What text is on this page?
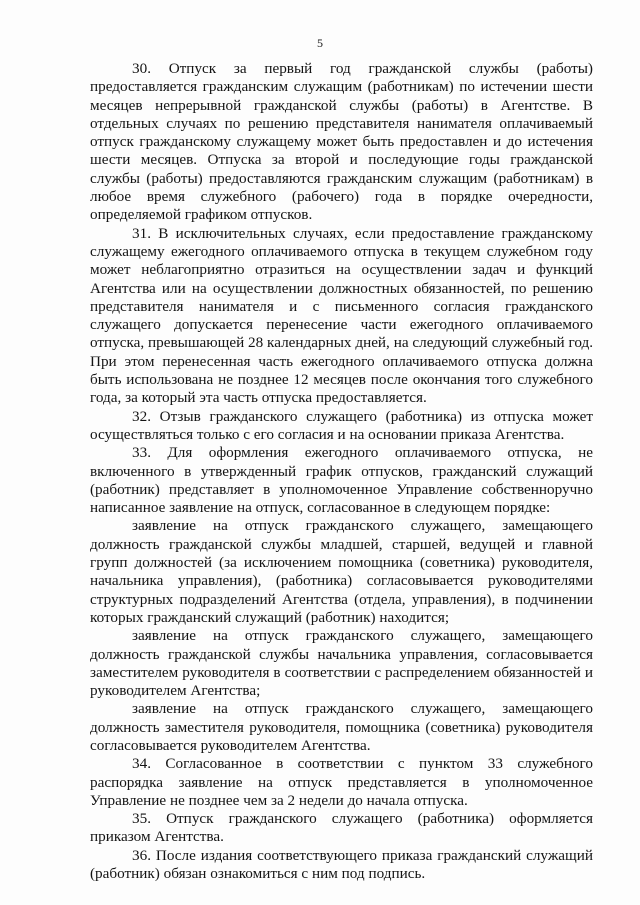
5

30. Отпуск за первый год гражданской службы (работы) предоставляется гражданским служащим (работникам) по истечении шести месяцев непрерывной гражданской службы (работы) в Агентстве. В отдельных случаях по решению представителя нанимателя оплачиваемый отпуск гражданскому служащему может быть предоставлен и до истечения шести месяцев. Отпуска за второй и последующие годы гражданской службы (работы) предоставляются гражданским служащим (работникам) в любое время служебного (рабочего) года в порядке очередности, определяемой графиком отпусков.

31. В исключительных случаях, если предоставление гражданскому служащему ежегодного оплачиваемого отпуска в текущем служебном году может неблагоприятно отразиться на осуществлении задач и функций Агентства или на осуществлении должностных обязанностей, по решению представителя нанимателя и с письменного согласия гражданского служащего допускается перенесение части ежегодного оплачиваемого отпуска, превышающей 28 календарных дней, на следующий служебный год. При этом перенесенная часть ежегодного оплачиваемого отпуска должна быть использована не позднее 12 месяцев после окончания того служебного года, за который эта часть отпуска предоставляется.

32. Отзыв гражданского служащего (работника) из отпуска может осуществляться только с его согласия и на основании приказа Агентства.

33. Для оформления ежегодного оплачиваемого отпуска, не включенного в утвержденный график отпусков, гражданский служащий (работник) представляет в уполномоченное Управление собственноручно написанное заявление на отпуск, согласованное в следующем порядке:

заявление на отпуск гражданского служащего, замещающего должность гражданской службы младшей, старшей, ведущей и главной групп должностей (за исключением помощника (советника) руководителя, начальника управления), (работника) согласовывается руководителями структурных подразделений Агентства (отдела, управления), в подчинении которых гражданский служащий (работник) находится;

заявление на отпуск гражданского служащего, замещающего должность гражданской службы начальника управления, согласовывается заместителем руководителя в соответствии с распределением обязанностей и руководителем Агентства;

заявление на отпуск гражданского служащего, замещающего должность заместителя руководителя, помощника (советника) руководителя согласовывается руководителем Агентства.

34. Согласованное в соответствии с пунктом 33 служебного распорядка заявление на отпуск представляется в уполномоченное Управление не позднее чем за 2 недели до начала отпуска.

35. Отпуск гражданского служащего (работника) оформляется приказом Агентства.

36. После издания соответствующего приказа гражданский служащий (работник) обязан ознакомиться с ним под подпись.
